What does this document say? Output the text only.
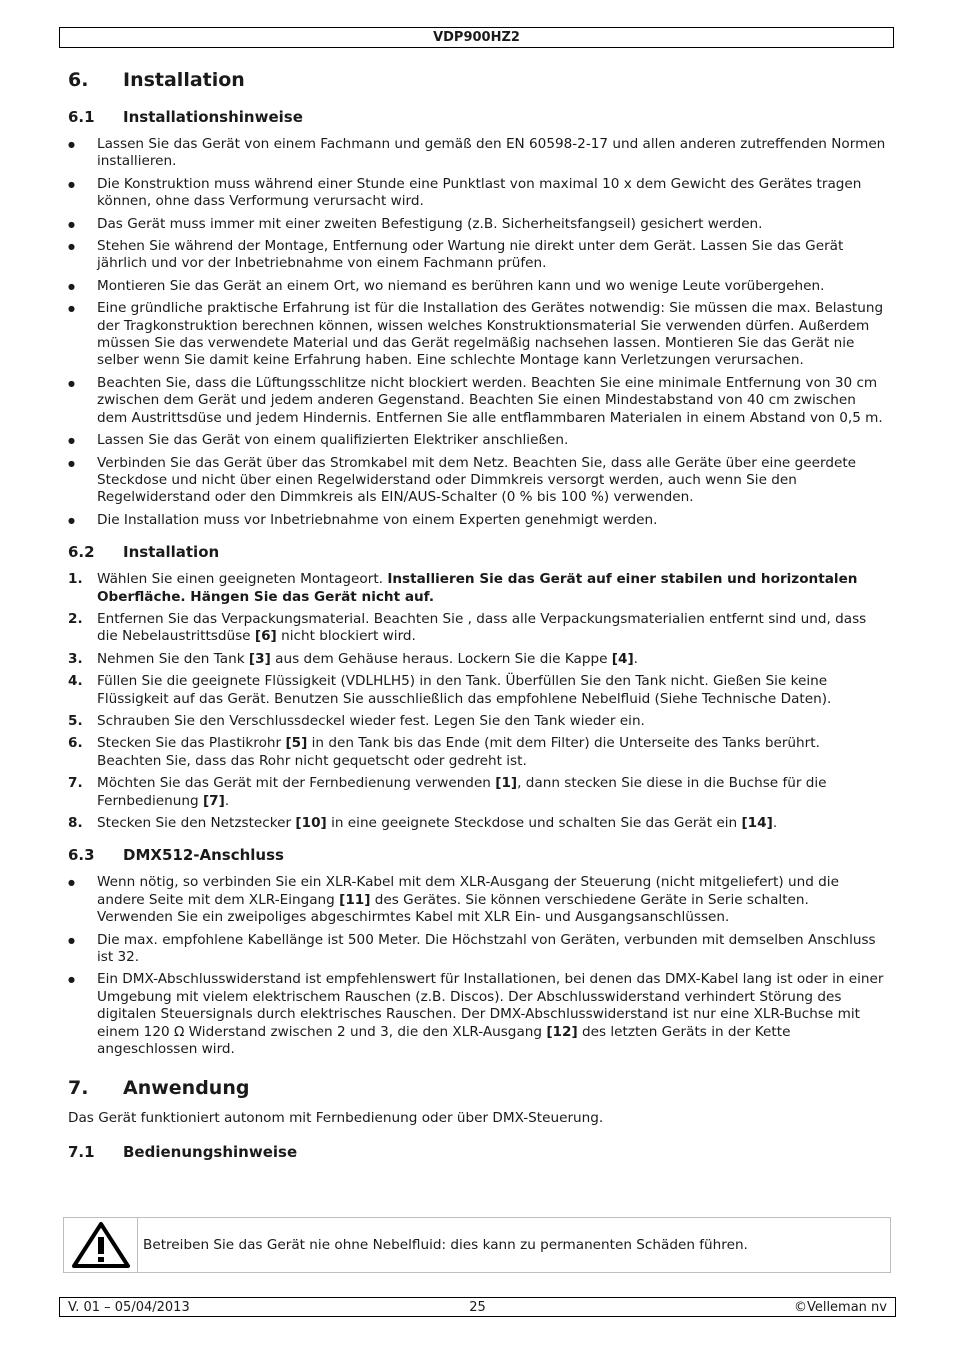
VDP900HZ2
6.	Installation
6.1	Installationshinweise
● Lassen Sie das Gerät von einem Fachmann und gemäß den EN 60598-2-17 und allen anderen zutreffenden Normen installieren.
● Die Konstruktion muss während einer Stunde eine Punktlast von maximal 10 x dem Gewicht des Gerätes tragen können, ohne dass Verformung verursacht wird.
● Das Gerät muss immer mit einer zweiten Befestigung (z.B. Sicherheitsfangseil) gesichert werden.
● Stehen Sie während der Montage, Entfernung oder Wartung nie direkt unter dem Gerät. Lassen Sie das Gerät jährlich und vor der Inbetriebnahme von einem Fachmann prüfen.
● Montieren Sie das Gerät an einem Ort, wo niemand es berühren kann und wo wenige Leute vorübergehen.
● Eine gründliche praktische Erfahrung ist für die Installation des Gerätes notwendig: Sie müssen die max. Belastung der Tragkonstruktion berechnen können, wissen welches Konstruktionsmaterial Sie verwenden dürfen. Außerdem müssen Sie das verwendete Material und das Gerät regelmäßig nachsehen lassen. Montieren Sie das Gerät nie selber wenn Sie damit keine Erfahrung haben. Eine schlechte Montage kann Verletzungen verursachen.
● Beachten Sie, dass die Lüftungsschlitze nicht blockiert werden. Beachten Sie eine minimale Entfernung von 30 cm zwischen dem Gerät und jedem anderen Gegenstand. Beachten Sie einen Mindestabstand von 40 cm zwischen dem Austrittsdüse und jedem Hindernis. Entfernen Sie alle entflammbaren Materialen in einem Abstand von 0,5 m.
● Lassen Sie das Gerät von einem qualifizierten Elektriker anschließen.
● Verbinden Sie das Gerät über das Stromkabel mit dem Netz. Beachten Sie, dass alle Geräte über eine geerdete Steckdose und nicht über einen Regelwiderstand oder Dimmkreis versorgt werden, auch wenn Sie den Regelwiderstand oder den Dimmkreis als EIN/AUS-Schalter (0 % bis 100 %) verwenden.
● Die Installation muss vor Inbetriebnahme von einem Experten genehmigt werden.
6.2	Installation
1. Wählen Sie einen geeigneten Montageort. Installieren Sie das Gerät auf einer stabilen und horizontalen Oberfläche. Hängen Sie das Gerät nicht auf.
2. Entfernen Sie das Verpackungsmaterial. Beachten Sie , dass alle Verpackungsmaterialien entfernt sind und, dass die Nebelaustrittsdüse [6] nicht blockiert wird.
3. Nehmen Sie den Tank [3] aus dem Gehäuse heraus. Lockern Sie die Kappe [4].
4. Füllen Sie die geeignete Flüssigkeit (VDLHLH5) in den Tank. Überfüllen Sie den Tank nicht. Gießen Sie keine Flüssigkeit auf das Gerät. Benutzen Sie ausschließlich das empfohlene Nebelfluid (Siehe Technische Daten).
5. Schrauben Sie den Verschlussdeckel wieder fest. Legen Sie den Tank wieder ein.
6. Stecken Sie das Plastikrohr [5] in den Tank bis das Ende (mit dem Filter) die Unterseite des Tanks berührt. Beachten Sie, dass das Rohr nicht gequetscht oder gedreht ist.
7. Möchten Sie das Gerät mit der Fernbedienung verwenden [1], dann stecken Sie diese in die Buchse für die Fernbedienung [7].
8. Stecken Sie den Netzstecker [10] in eine geeignete Steckdose und schalten Sie das Gerät ein [14].
6.3	DMX512-Anschluss
● Wenn nötig, so verbinden Sie ein XLR-Kabel mit dem XLR-Ausgang der Steuerung (nicht mitgeliefert) und die andere Seite mit dem XLR-Eingang [11] des Gerätes. Sie können verschiedene Geräte in Serie schalten. Verwenden Sie ein zweipoliges abgeschirmtes Kabel mit XLR Ein- und Ausgangsanschlüssen.
● Die max. empfohlene Kabellänge ist 500 Meter. Die Höchstzahl von Geräten, verbunden mit demselben Anschluss ist 32.
● Ein DMX-Abschlusswiderstand ist empfehlenswert für Installationen, bei denen das DMX-Kabel lang ist oder in einer Umgebung mit vielem elektrischem Rauschen (z.B. Discos). Der Abschlusswiderstand verhindert Störung des digitalen Steuersignals durch elektrisches Rauschen. Der DMX-Abschlusswiderstand ist nur eine XLR-Buchse mit einem 120 Ω Widerstand zwischen 2 und 3, die den XLR-Ausgang [12] des letzten Geräts in der Kette angeschlossen wird.
7.	Anwendung
Das Gerät funktioniert autonom mit Fernbedienung oder über DMX-Steuerung.
7.1	Bedienungshinweise
Betreiben Sie das Gerät nie ohne Nebelfluid: dies kann zu permanenten Schäden führen.
V. 01 – 05/04/2013	25	©Velleman nv
